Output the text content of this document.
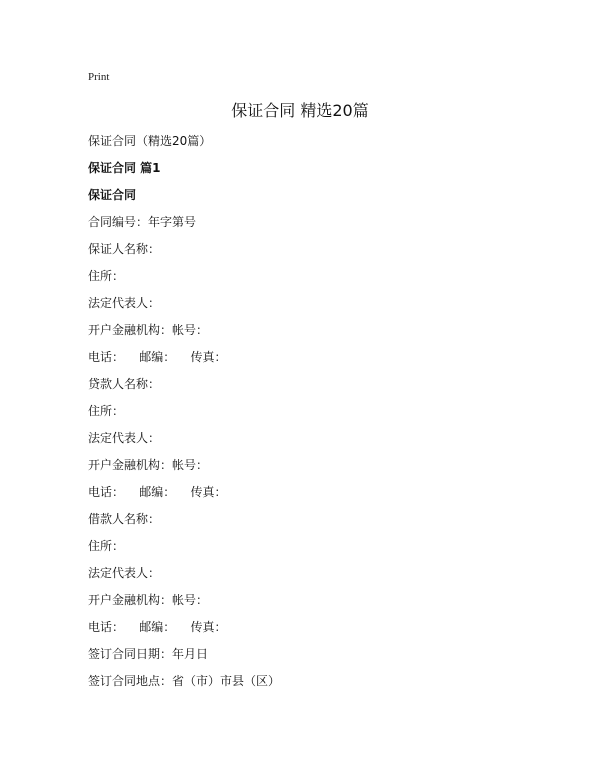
Print
保证合同 精选20篇
保证合同（精选20篇）
保证合同 篇1
保证合同
合同编号：年字第号
保证人名称：
住所：
法定代表人：
开户金融机构：帐号：
电话：    邮编：    传真：
贷款人名称：
住所：
法定代表人：
开户金融机构：帐号：
电话：    邮编：    传真：
借款人名称：
住所：
法定代表人：
开户金融机构：帐号：
电话：    邮编：    传真：
签订合同日期：年月日
签订合同地点：省（市）市县（区）
